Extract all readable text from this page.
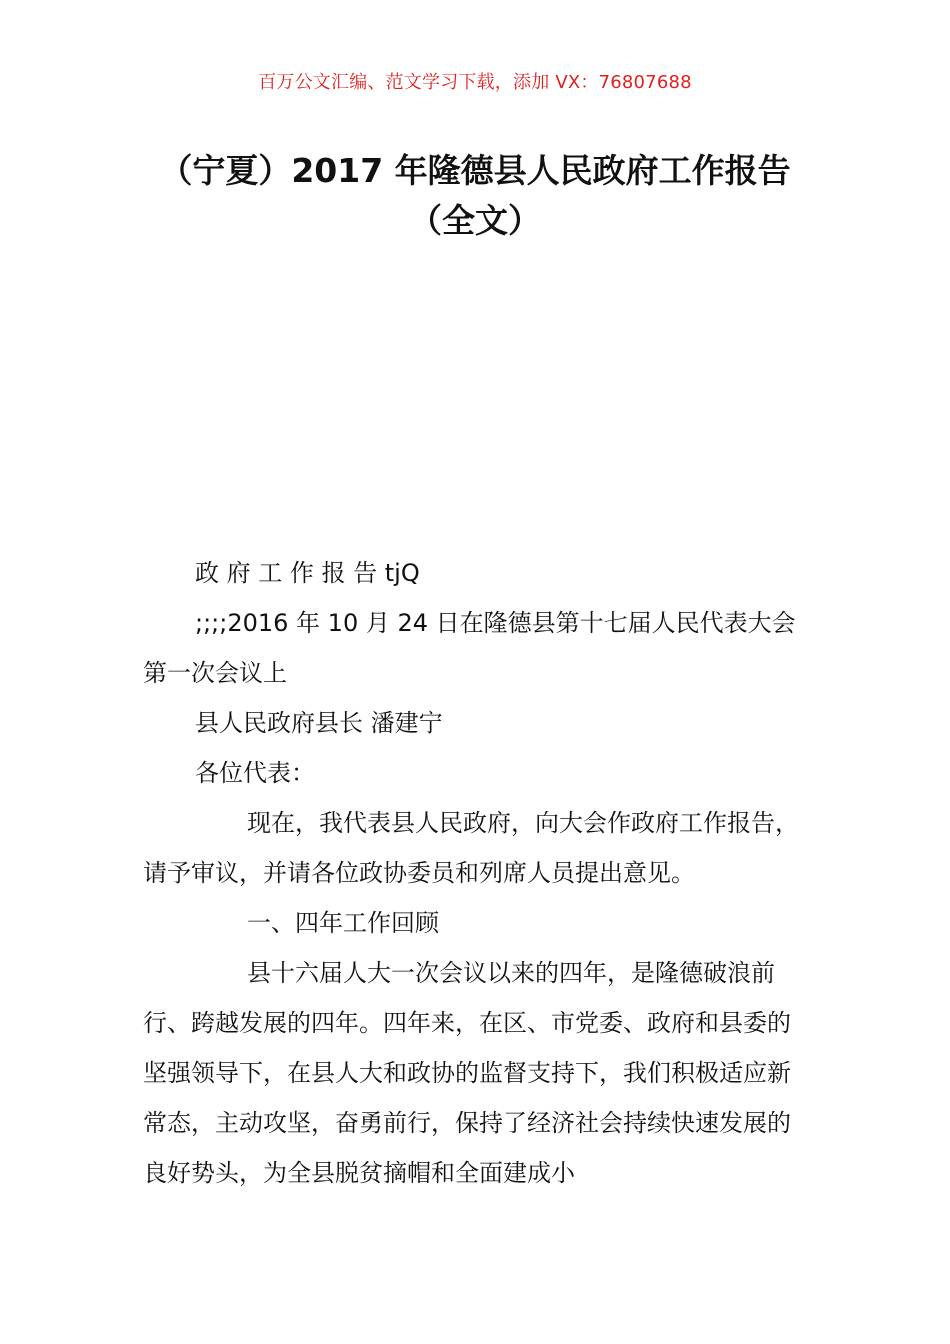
百万公文汇编、范文学习下载，添加 VX：76807688
（宁夏）2017 年隆德县人民政府工作报告
（全文）

政 府 工 作 报 告 tjQ

;;;;2016 年 10 月 24 日在隆德县第十七届人民代表大会第一次会议上

县人民政府县长 潘建宁

各位代表：

现在，我代表县人民政府，向大会作政府工作报告，请予审议，并请各位政协委员和列席人员提出意见。

一、四年工作回顾

县十六届人大一次会议以来的四年，是隆德破浪前行、跨越发展的四年。四年来，在区、市党委、政府和县委的坚强领导下，在县人大和政协的监督支持下，我们积极适应新常态，主动攻坚，奋勇前行，保持了经济社会持续快速发展的良好势头，为全县脱贫摘帽和全面建成小
